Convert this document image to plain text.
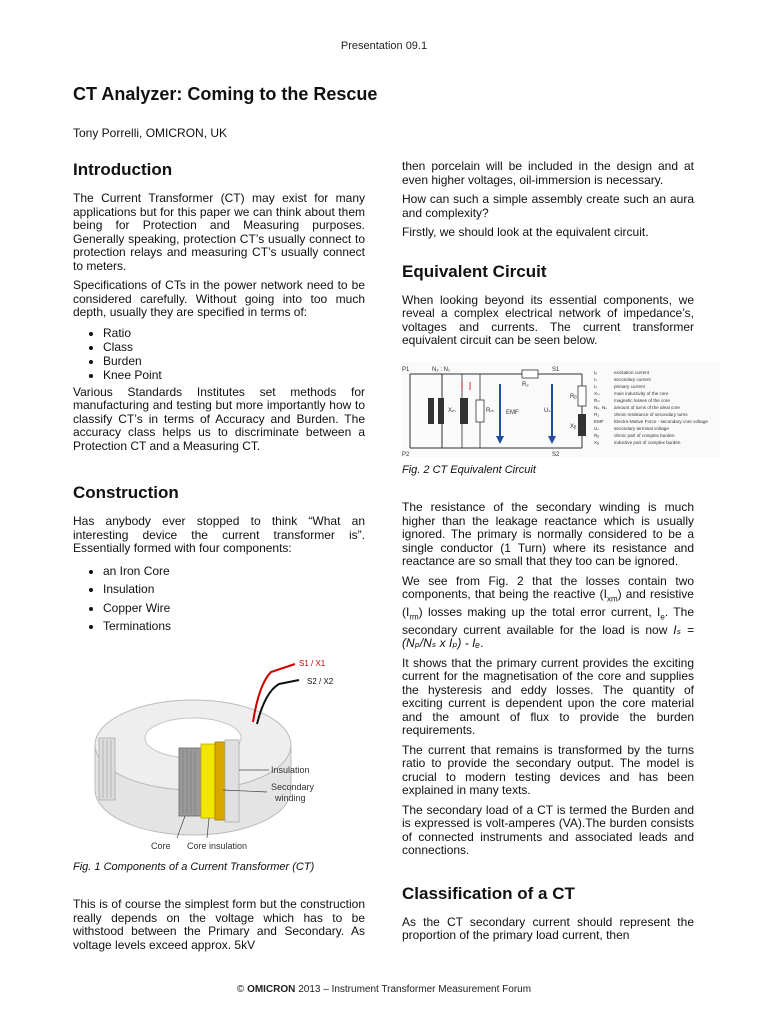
Presentation 09.1
CT Analyzer: Coming to the Rescue
Tony Porrelli, OMICRON, UK
Introduction

The Current Transformer (CT) may exist for many applications but for this paper we can think about them being for Protection and Measuring purposes. Generally speaking, protection CT’s usually connect to protection relays and measuring CT’s usually connect to meters.

Specifications of CTs in the power network need to be considered carefully. Without going into too much depth, usually they are specified in terms of:

• Ratio
• Class
• Burden
• Knee Point

Various Standards Institutes set methods for manufacturing and testing but more importantly how to classify CT’s in terms of Accuracy and Burden. The accuracy class helps us to discriminate between a Protection CT and a Measuring CT.

Construction

Has anybody ever stopped to think “What an interesting device the current transformer is”. Essentially formed with four components:

• an Iron Core
• Insulation
• Copper Wire
• Terminations
S1 / X1
S2 / X2
Insulation
Secondary
winding
Core Core insulation

Fig. 1 Components of a Current Transformer (CT)

This is of course the simplest form but the construction really depends on the voltage which has to be withstood between the Primary and Secondary. As voltage levels exceed approx. 5kV

then porcelain will be included in the design and at even higher voltages, oil-immersion is necessary.

How can such a simple assembly create such an aura and complexity?

Firstly, we should look at the equivalent circuit.

Equivalent Circuit

When looking beyond its essential components, we reveal a complex electrical network of impedance’s, voltages and currents. The current transformer equivalent circuit can be seen below.

P1
P2
N₂ : N₁
R₂
Xₘ	Rₘ EMF	Uₛ
Rᵦ
Xᵦ
S1
S2
Iₑ	excitation current
Iₛ	secondary current
Iₚ	primary current
Xₘ	main inductivity of the core
Rₘ	magnetic losses of the core
Nₚ, Nₛ amount of turns of the ideal core
R₂	ohmic resistance of secondary turns
EMF Electro-Motive Force - secondary core voltage
Uₛ	secondary terminal voltage
Rᵦ	ohmic part of complex burden
Xᵦ	inductive part of complex burden

Fig. 2 CT Equivalent Circuit

The resistance of the secondary winding is much higher than the leakage reactance which is usually ignored. The primary is normally considered to be a single conductor (1 Turn) where its resistance and reactance are so small that they too can be ignored.

We see from Fig. 2 that the losses contain two components, that being the reactive $(I_{xm})$ and resistive $(I_{rm})$ losses making up the total error current, $I_e$. The secondary current available for the load is now Iₛ = (Nₚ/Nₛ x Iₚ) - Iₑ.

It shows that the primary current provides the exciting current for the magnetisation of the core and supplies the hysteresis and eddy losses. The quantity of exciting current is dependent upon the core material and the amount of flux to provide the burden requirements.

The current that remains is transformed by the turns ratio to provide the secondary output. The model is crucial to modern testing devices and has been explained in many texts.

The secondary load of a CT is termed the Burden and is expressed is volt-amperes (VA).The burden consists of connected instruments and associated leads and connections.

Classification of a CT

As the CT secondary current should represent the proportion of the primary load current, then

© OMICRON 2013 – Instrument Transformer Measurement Forum
